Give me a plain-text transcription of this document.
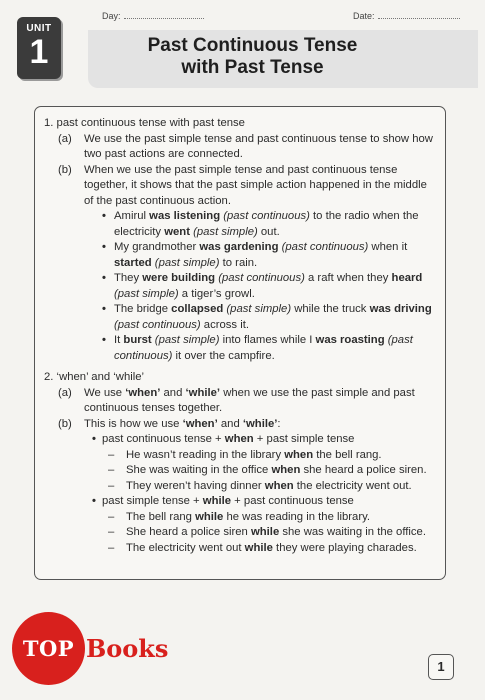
Day:	Date:
UNIT
1	Past Continuous Tense
with Past Tense
1. past continuous tense with past tense
(a)	We use the past simple tense and past continuous tense to show how two past actions are connected.
(b)	When we use the past simple tense and past continuous tense together, it shows that the past simple action happened in the middle of the past continuous action.
• Amirul was listening (past continuous) to the radio when the electricity went (past simple) out.
• My grandmother was gardening (past continuous) when it started (past simple) to rain.
• They were building (past continuous) a raft when they heard (past simple) a tiger’s growl.
• The bridge collapsed (past simple) while the truck was driving (past continuous) across it.
• It burst (past simple) into flames while I was roasting (past continuous) it over the campfire.
2. ‘when’ and ‘while’
(a)	We use ‘when’ and ‘while’ when we use the past simple and past continuous tenses together.
(b)	This is how we use ‘when’ and ‘while’:
• past continuous tense + when + past simple tense
–	He wasn’t reading in the library when the bell rang.
–	She was waiting in the office when she heard a police siren.
–	They weren’t having dinner when the electricity went out.
• past simple tense + while + past continuous tense
–	The bell rang while he was reading in the library.
–	She heard a police siren while she was waiting in the office.
–	The electricity went out while they were playing charades.
TOP Books
1
